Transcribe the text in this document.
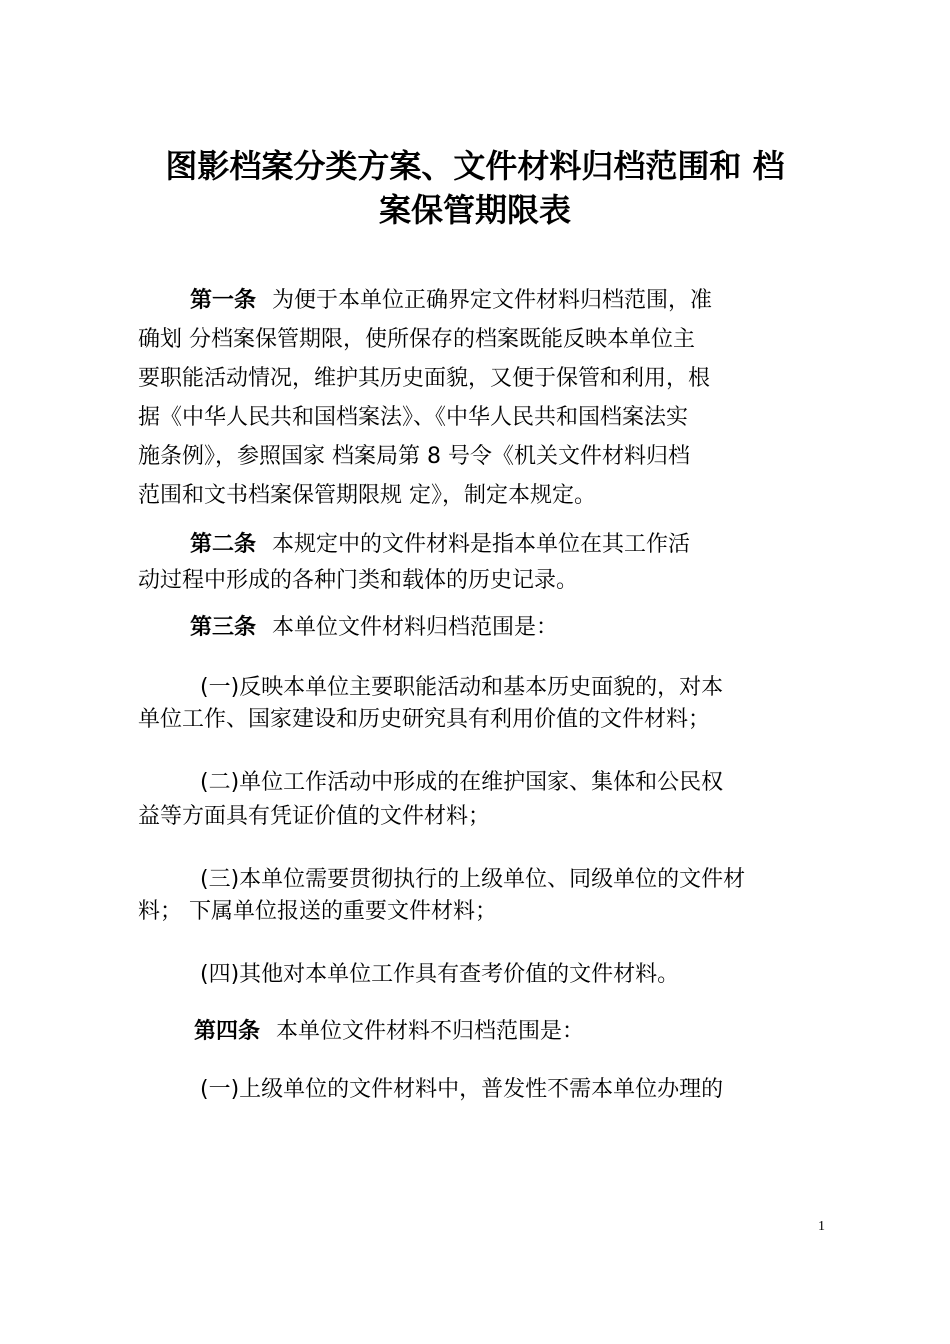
图影档案分类方案、文件材料归档范围和 档
案保管期限表
第一条 为便于本单位正确界定文件材料归档范围，准
确划 分档案保管期限，使所保存的档案既能反映本单位主
要职能活动情况，维护其历史面貌，又便于保管和利用，根
据《中华人民共和国档案法》、《中华人民共和国档案法实
施条例》，参照国家 档案局第 8 号令《机关文件材料归档
范围和文书档案保管期限规 定》，制定本规定。
第二条 本规定中的文件材料是指本单位在其工作活
动过程中形成的各种门类和载体的历史记录。
第三条 本单位文件材料归档范围是：
(一)反映本单位主要职能活动和基本历史面貌的，对本
单位工作、国家建设和历史研究具有利用价值的文件材料；
(二)单位工作活动中形成的在维护国家、集体和公民权
益等方面具有凭证价值的文件材料；
(三)本单位需要贯彻执行的上级单位、同级单位的文件材
料； 下属单位报送的重要文件材料；
(四)其他对本单位工作具有查考价值的文件材料。
第四条 本单位文件材料不归档范围是：
(一)上级单位的文件材料中，普发性不需本单位办理的
1
